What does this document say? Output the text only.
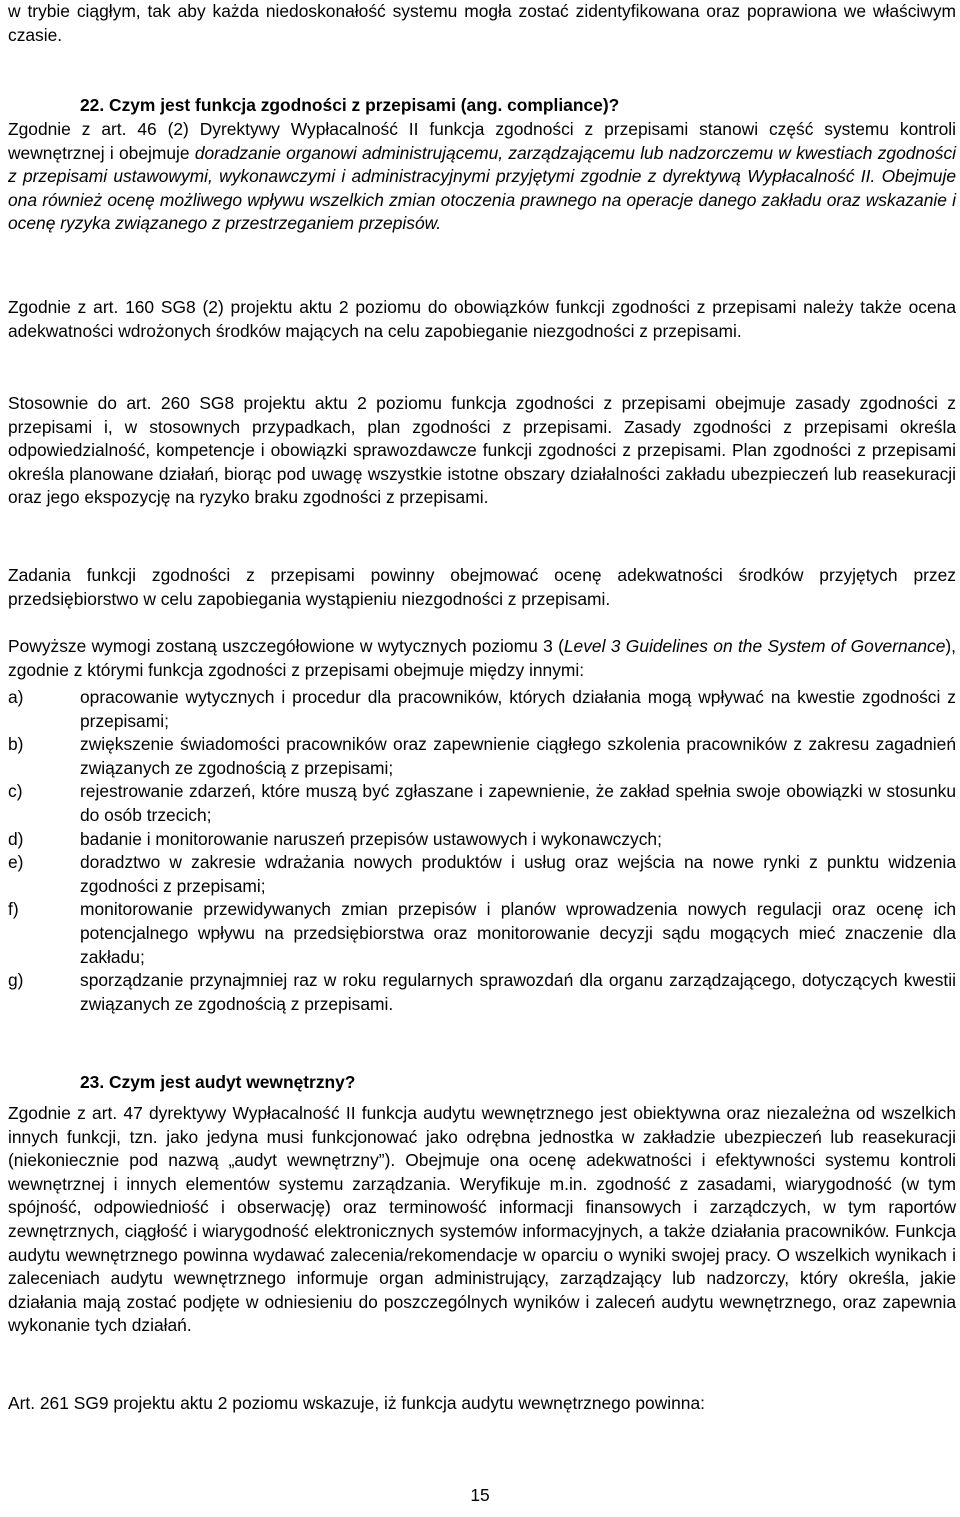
w trybie ciągłym, tak aby każda niedoskonałość systemu mogła zostać zidentyfikowana oraz poprawiona we właściwym czasie.

22. Czym jest funkcja zgodności z przepisami (ang. compliance)?

Zgodnie z art. 46 (2) Dyrektywy Wypłacalność II funkcja zgodności z przepisami stanowi część systemu kontroli wewnętrznej i obejmuje doradzanie organowi administrującemu, zarządzającemu lub nadzorczemu w kwestiach zgodności z przepisami ustawowymi, wykonawczymi i administracyjnymi przyjętymi zgodnie z dyrektywą Wypłacalność II. Obejmuje ona również ocenę możliwego wpływu wszelkich zmian otoczenia prawnego na operacje danego zakładu oraz wskazanie i ocenę ryzyka związanego z przestrzeganiem przepisów.

Zgodnie z art. 160 SG8 (2) projektu aktu 2 poziomu do obowiązków funkcji zgodności z przepisami należy także ocena adekwatności wdrożonych środków mających na celu zapobieganie niezgodności z przepisami.

Stosownie do art. 260 SG8 projektu aktu 2 poziomu funkcja zgodności z przepisami obejmuje zasady zgodności z przepisami i, w stosownych przypadkach, plan zgodności z przepisami. Zasady zgodności z przepisami określa odpowiedzialność, kompetencje i obowiązki sprawozdawcze funkcji zgodności z przepisami. Plan zgodności z przepisami określa planowane działań, biorąc pod uwagę wszystkie istotne obszary działalności zakładu ubezpieczeń lub reasekuracji oraz jego ekspozycję na ryzyko braku zgodności z przepisami.

Zadania funkcji zgodności z przepisami powinny obejmować ocenę adekwatności środków przyjętych przez przedsiębiorstwo w celu zapobiegania wystąpieniu niezgodności z przepisami.

Powyższe wymogi zostaną uszczegółowione w wytycznych poziomu 3 (Level 3 Guidelines on the System of Governance), zgodnie z którymi funkcja zgodności z przepisami obejmuje między innymi:

a)	opracowanie wytycznych i procedur dla pracowników, których działania mogą wpływać na kwestie zgodności z przepisami;
b)	zwiększenie świadomości pracowników oraz zapewnienie ciągłego szkolenia pracowników z zakresu zagadnień związanych ze zgodnością z przepisami;
c)	rejestrowanie zdarzeń, które muszą być zgłaszane i zapewnienie, że zakład spełnia swoje obowiązki w stosunku do osób trzecich;
d)	badanie i monitorowanie naruszeń przepisów ustawowych i wykonawczych;
e)	doradztwo w zakresie wdrażania nowych produktów i usług oraz wejścia na nowe rynki z punktu widzenia zgodności z przepisami;
f)	monitorowanie przewidywanych zmian przepisów i planów wprowadzenia nowych regulacji oraz ocenę ich potencjalnego wpływu na przedsiębiorstwa oraz monitorowanie decyzji sądu mogących mieć znaczenie dla zakładu;
g)	sporządzanie przynajmniej raz w roku regularnych sprawozdań dla organu zarządzającego, dotyczących kwestii związanych ze zgodnością z przepisami.
23. Czym jest audyt wewnętrzny?

Zgodnie z art. 47 dyrektywy Wypłacalność II funkcja audytu wewnętrznego jest obiektywna oraz niezależna od wszelkich innych funkcji, tzn. jako jedyna musi funkcjonować jako odrębna jednostka w zakładzie ubezpieczeń lub reasekuracji (niekoniecznie pod nazwą „audyt wewnętrzny”). Obejmuje ona ocenę adekwatności i efektywności systemu kontroli wewnętrznej i innych elementów systemu zarządzania. Weryfikuje m.in. zgodność z zasadami, wiarygodność (w tym spójność, odpowiedniość i obserwację) oraz terminowość informacji finansowych i zarządczych, w tym raportów zewnętrznych, ciągłość i wiarygodność elektronicznych systemów informacyjnych, a także działania pracowników. Funkcja audytu wewnętrznego powinna wydawać zalecenia/rekomendacje w oparciu o wyniki swojej pracy. O wszelkich wynikach i zaleceniach audytu wewnętrznego informuje organ administrujący, zarządzający lub nadzorczy, który określa, jakie działania mają zostać podjęte w odniesieniu do poszczególnych wyników i zaleceń audytu wewnętrznego, oraz zapewnia wykonanie tych działań.

Art. 261 SG9 projektu aktu 2 poziomu wskazuje, iż funkcja audytu wewnętrznego powinna:

15
